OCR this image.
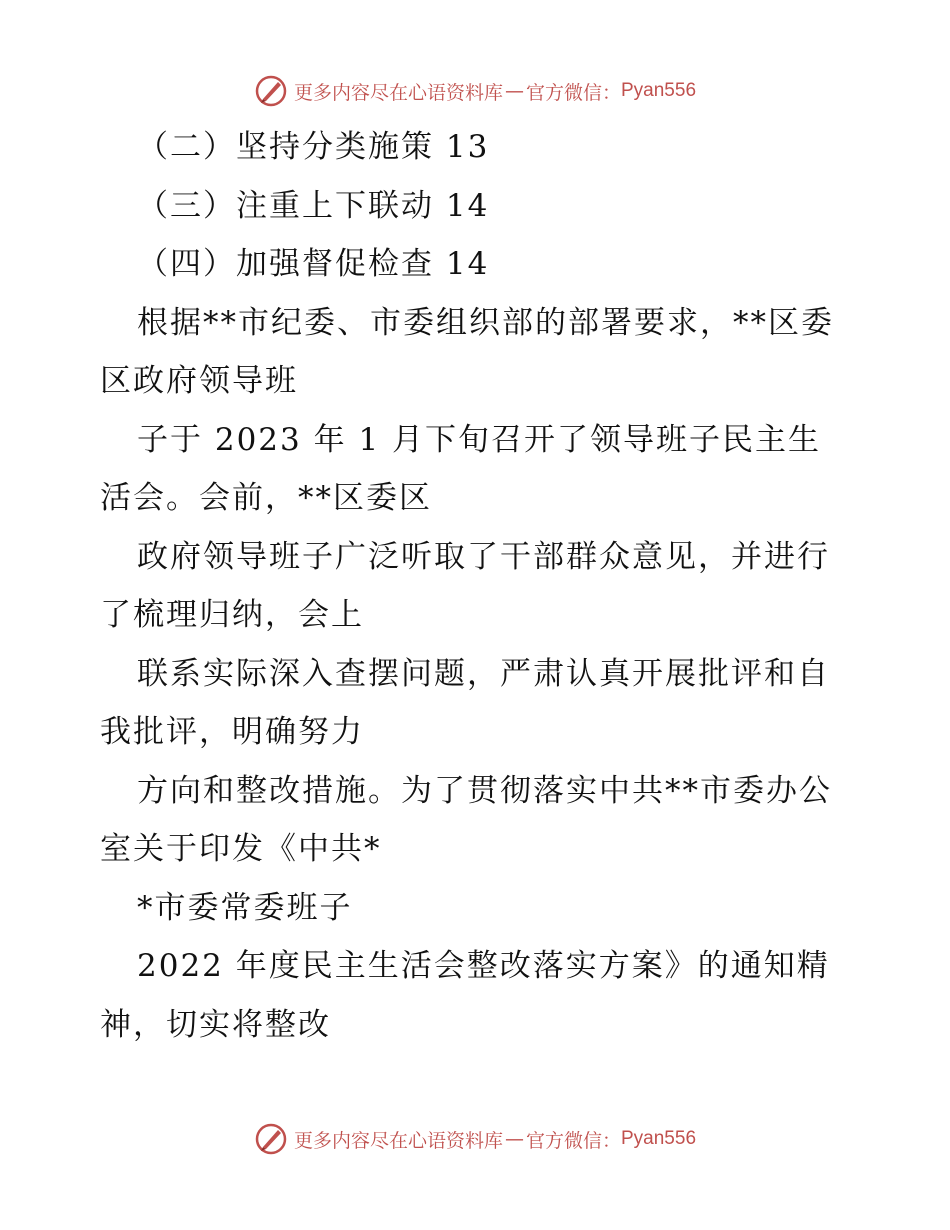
更多内容尽在心语资料库 — 官方微信： Pyan556
（二）坚持分类施策 13
（三）注重上下联动 14
（四）加强督促检查 14
根据**市纪委、市委组织部的部署要求，**区委
区政府领导班
子于 2023 年 1 月下旬召开了领导班子民主生
活会。会前，**区委区
政府领导班子广泛听取了干部群众意见，并进行
了梳理归纳，会上
联系实际深入查摆问题，严肃认真开展批评和自
我批评，明确努力
方向和整改措施。为了贯彻落实中共**市委办公
室关于印发《中共*
*市委常委班子
2022 年度民主生活会整改落实方案》的通知精
神，切实将整改
更多内容尽在心语资料库 — 官方微信： Pyan556
